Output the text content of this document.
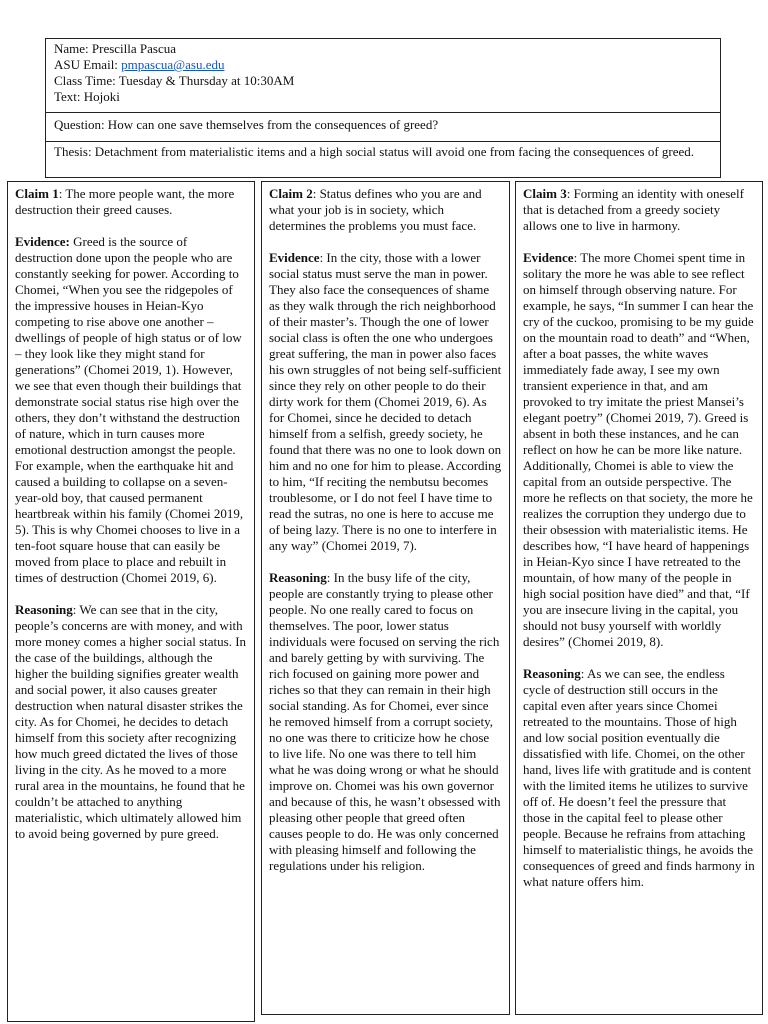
Name: Prescilla Pascua
ASU Email: pmpascua@asu.edu
Class Time: Tuesday & Thursday at 10:30AM
Text: Hojoki
Question: How can one save themselves from the consequences of greed?
Thesis: Detachment from materialistic items and a high social status will avoid one from facing the consequences of greed.

Claim 1: The more people want, the more destruction their greed causes.

Evidence: Greed is the source of destruction done upon the people who are constantly seeking for power. According to Chomei, “When you see the ridgepoles of the impressive houses in Heian-Kyo competing to rise above one another – dwellings of people of high status or of low – they look like they might stand for generations” (Chomei 2019, 1). However, we see that even though their buildings that demonstrate social status rise high over the others, they don’t withstand the destruction of nature, which in turn causes more emotional destruction amongst the people. For example, when the earthquake hit and caused a building to collapse on a seven-year-old boy, that caused permanent heartbreak within his family (Chomei 2019, 5). This is why Chomei chooses to live in a ten-foot square house that can easily be moved from place to place and rebuilt in times of destruction (Chomei 2019, 6).

Reasoning: We can see that in the city, people’s concerns are with money, and with more money comes a higher social status. In the case of the buildings, although the higher the building signifies greater wealth and social power, it also causes greater destruction when natural disaster strikes the city. As for Chomei, he decides to detach himself from this society after recognizing how much greed dictated the lives of those living in the city. As he moved to a more rural area in the mountains, he found that he couldn’t be attached to anything materialistic, which ultimately allowed him to avoid being governed by pure greed.

Claim 2: Status defines who you are and what your job is in society, which determines the problems you must face.

Evidence: In the city, those with a lower social status must serve the man in power. They also face the consequences of shame as they walk through the rich neighborhood of their master’s. Though the one of lower social class is often the one who undergoes great suffering, the man in power also faces his own struggles of not being self-sufficient since they rely on other people to do their dirty work for them (Chomei 2019, 6). As for Chomei, since he decided to detach himself from a selfish, greedy society, he found that there was no one to look down on him and no one for him to please. According to him, “If reciting the nembutsu becomes troublesome, or I do not feel I have time to read the sutras, no one is here to accuse me of being lazy. There is no one to interfere in any way” (Chomei 2019, 7).

Reasoning: In the busy life of the city, people are constantly trying to please other people. No one really cared to focus on themselves. The poor, lower status individuals were focused on serving the rich and barely getting by with surviving. The rich focused on gaining more power and riches so that they can remain in their high social standing. As for Chomei, ever since he removed himself from a corrupt society, no one was there to criticize how he chose to live life. No one was there to tell him what he was doing wrong or what he should improve on. Chomei was his own governor and because of this, he wasn’t obsessed with pleasing other people that greed often causes people to do. He was only concerned with pleasing himself and following the regulations under his religion.

Claim 3: Forming an identity with oneself that is detached from a greedy society allows one to live in harmony.

Evidence: The more Chomei spent time in solitary the more he was able to see reflect on himself through observing nature. For example, he says, “In summer I can hear the cry of the cuckoo, promising to be my guide on the mountain road to death” and “When, after a boat passes, the white waves immediately fade away, I see my own transient experience in that, and am provoked to try imitate the priest Mansei’s elegant poetry” (Chomei 2019, 7). Greed is absent in both these instances, and he can reflect on how he can be more like nature. Additionally, Chomei is able to view the capital from an outside perspective. The more he reflects on that society, the more he realizes the corruption they undergo due to their obsession with materialistic items. He describes how, “I have heard of happenings in Heian-Kyo since I have retreated to the mountain, of how many of the people in high social position have died” and that, “If you are insecure living in the capital, you should not busy yourself with worldly desires” (Chomei 2019, 8).

Reasoning: As we can see, the endless cycle of destruction still occurs in the capital even after years since Chomei retreated to the mountains. Those of high and low social position eventually die dissatisfied with life. Chomei, on the other hand, lives life with gratitude and is content with the limited items he utilizes to survive off of. He doesn’t feel the pressure that those in the capital feel to please other people. Because he refrains from attaching himself to materialistic things, he avoids the consequences of greed and finds harmony in what nature offers him.
